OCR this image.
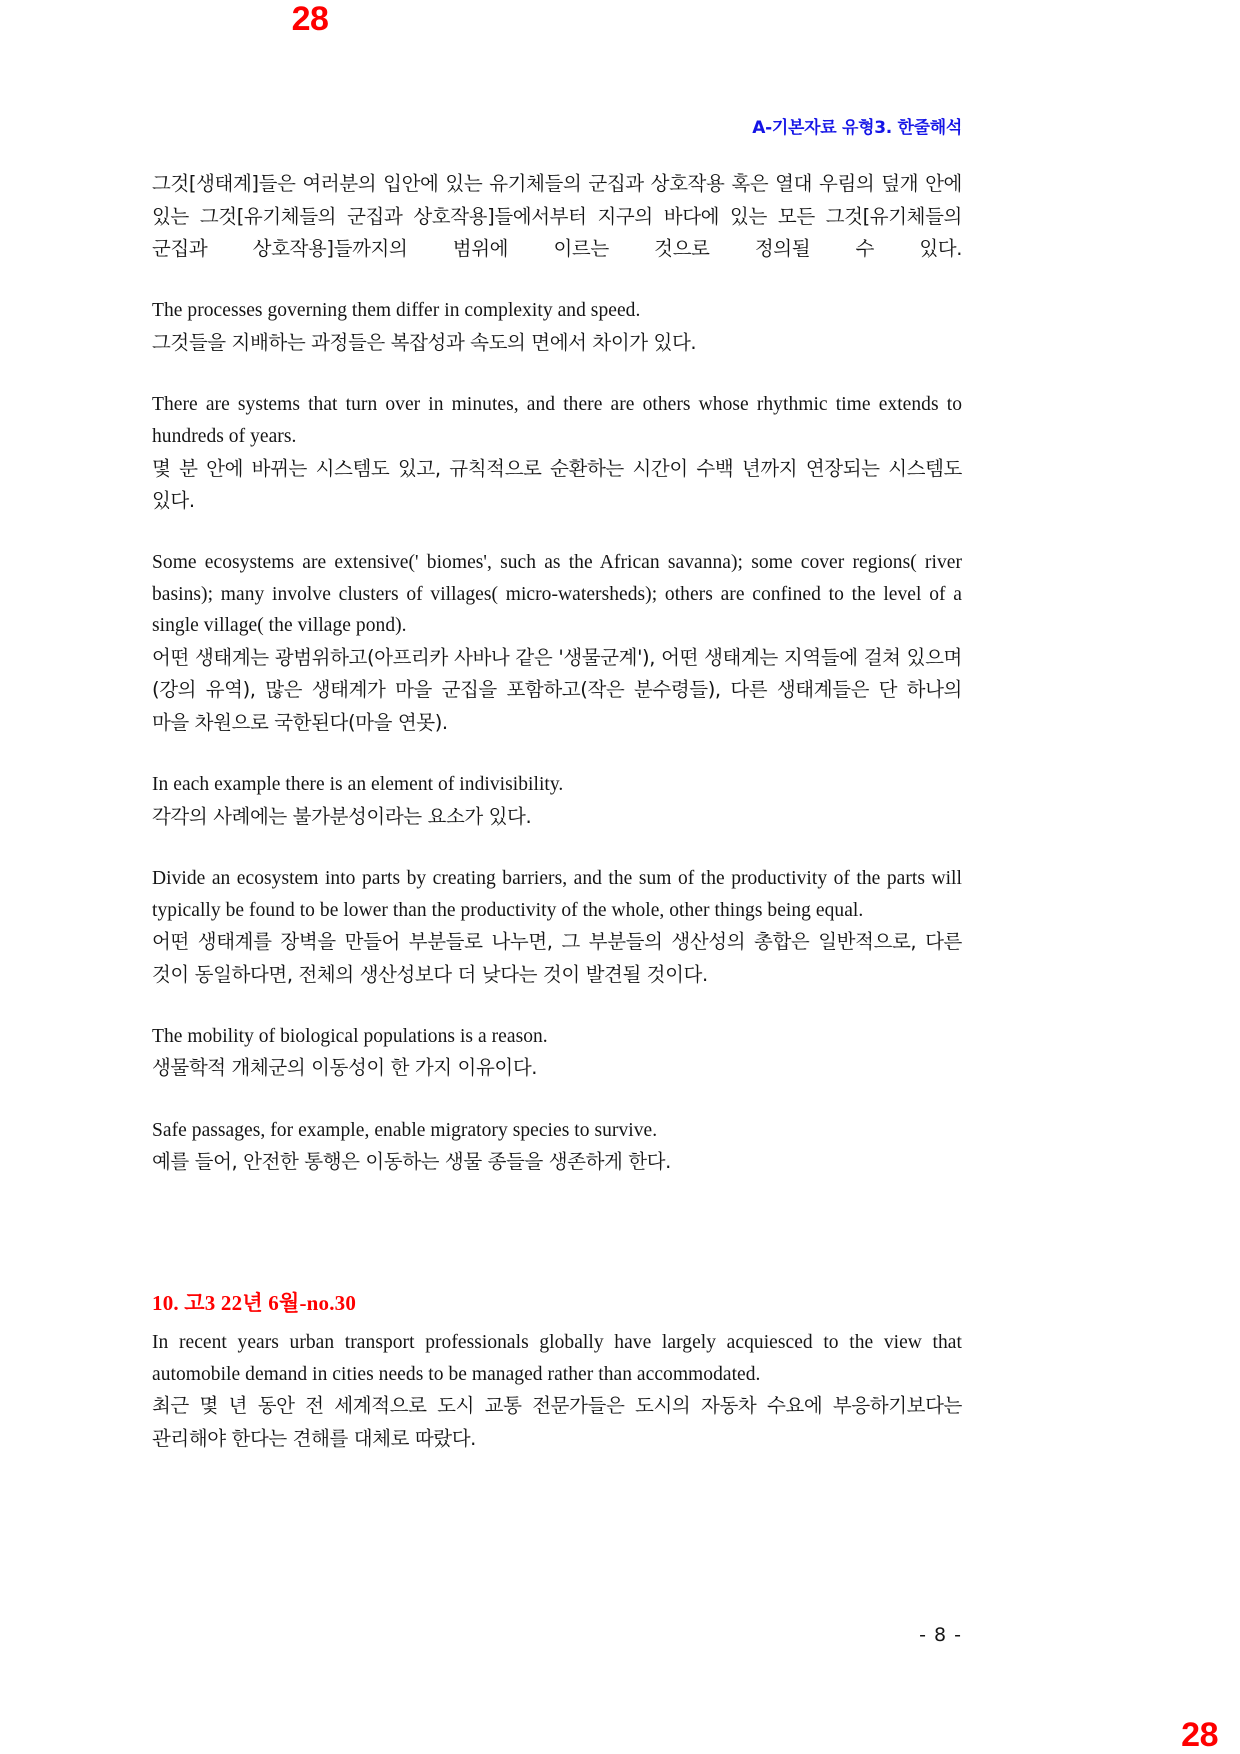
28
A-기본자료 유형3. 한줄해석

그것[생태계]들은 여러분의 입안에 있는 유기체들의 군집과 상호작용 혹은 열대 우림의 덮개 안에 있는 그것[유기체들의 군집과 상호작용]들에서부터 지구의 바다에 있는 모든 그것[유기체들의 군집과 상호작용]들까지의 범위에 이르는 것으로 정의될 수 있다.

The processes governing them differ in complexity and speed.

그것들을 지배하는 과정들은 복잡성과 속도의 면에서 차이가 있다.

There are systems that turn over in minutes, and there are others whose rhythmic time extends to hundreds of years.

몇 분 안에 바뀌는 시스템도 있고, 규칙적으로 순환하는 시간이 수백 년까지 연장되는 시스템도 있다.

Some ecosystems are extensive(' biomes', such as the African savanna); some cover regions( river basins); many involve clusters of villages( micro-watersheds); others are confined to the level of a single village( the village pond).

어떤 생태계는 광범위하고(아프리카 사바나 같은 '생물군계'), 어떤 생태계는 지역들에 걸쳐 있으며(강의 유역), 많은 생태계가 마을 군집을 포함하고(작은 분수령들), 다른 생태계들은 단 하나의 마을 차원으로 국한된다(마을 연못).

In each example there is an element of indivisibility.

각각의 사례에는 불가분성이라는 요소가 있다.

Divide an ecosystem into parts by creating barriers, and the sum of the productivity of the parts will typically be found to be lower than the productivity of the whole, other things being equal.

어떤 생태계를 장벽을 만들어 부분들로 나누면, 그 부분들의 생산성의 총합은 일반적으로, 다른 것이 동일하다면, 전체의 생산성보다 더 낮다는 것이 발견될 것이다.

The mobility of biological populations is a reason.

생물학적 개체군의 이동성이 한 가지 이유이다.

Safe passages, for example, enable migratory species to survive.

예를 들어, 안전한 통행은 이동하는 생물 종들을 생존하게 한다.

10. 고3 22년 6월-no.30

In recent years urban transport professionals globally have largely acquiesced to the view that automobile demand in cities needs to be managed rather than accommodated.

최근 몇 년 동안 전 세계적으로 도시 교통 전문가들은 도시의 자동차 수요에 부응하기보다는 관리해야 한다는 견해를 대체로 따랐다.

- 8 -
28
